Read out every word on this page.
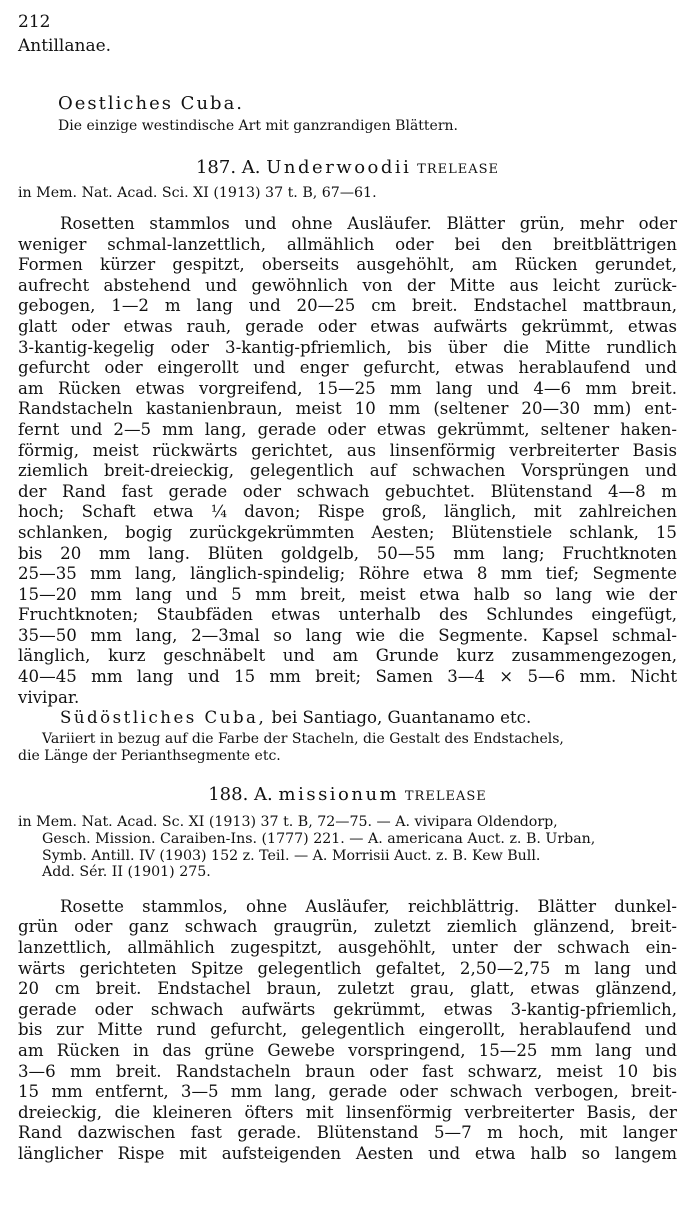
212
Antillanae.
Oestliches Cuba.
Die einzige westindische Art mit ganzrandigen Blättern.
187. A. Underwoodii TRELEASE
in Mem. Nat. Acad. Sci. XI (1913) 37 t. B, 67—61.
Rosetten stammlos und ohne Ausläufer. Blätter grün, mehr oder
weniger schmal-lanzettlich, allmählich oder bei den breitblättrigen
Formen kürzer gespitzt, oberseits ausgehöhlt, am Rücken gerundet,
aufrecht abstehend und gewöhnlich von der Mitte aus leicht zurück-
gebogen, 1—2 m lang und 20—25 cm breit. Endstachel mattbraun,
glatt oder etwas rauh, gerade oder etwas aufwärts gekrümmt, etwas
3-kantig-kegelig oder 3-kantig-pfriemlich, bis über die Mitte rundlich
gefurcht oder eingerollt und enger gefurcht, etwas herablaufend und
am Rücken etwas vorgreifend, 15—25 mm lang und 4—6 mm breit.
Randstacheln kastanienbraun, meist 10 mm (seltener 20—30 mm) ent-
fernt und 2—5 mm lang, gerade oder etwas gekrümmt, seltener haken-
förmig, meist rückwärts gerichtet, aus linsenförmig verbreiterter Basis
ziemlich breit-dreieckig, gelegentlich auf schwachen Vorsprüngen und
der Rand fast gerade oder schwach gebuchtet. Blütenstand 4—8 m
hoch; Schaft etwa ¼ davon; Rispe groß, länglich, mit zahlreichen
schlanken, bogig zurückgekrümmten Aesten; Blütenstiele schlank, 15
bis 20 mm lang. Blüten goldgelb, 50—55 mm lang; Fruchtknoten
25—35 mm lang, länglich-spindelig; Röhre etwa 8 mm tief; Segmente
15—20 mm lang und 5 mm breit, meist etwa halb so lang wie der
Fruchtknoten; Staubfäden etwas unterhalb des Schlundes eingefügt,
35—50 mm lang, 2—3mal so lang wie die Segmente. Kapsel schmal-
länglich, kurz geschnäbelt und am Grunde kurz zusammengezogen,
40—45 mm lang und 15 mm breit; Samen 3—4 × 5—6 mm. Nicht
vivipar.
Südöstliches Cuba, bei Santiago, Guantanamo etc.
Variiert in bezug auf die Farbe der Stacheln, die Gestalt des Endstachels,
die Länge der Perianthsegmente etc.
188. A. missionum TRELEASE
in Mem. Nat. Acad. Sc. XI (1913) 37 t. B, 72—75. — A. vivipara Oldendorp,
Gesch. Mission. Caraiben-Ins. (1777) 221. — A. americana Auct. z. B. Urban,
Symb. Antill. IV (1903) 152 z. Teil. — A. Morrisii Auct. z. B. Kew Bull.
Add. Sér. II (1901) 275.
Rosette stammlos, ohne Ausläufer, reichblättrig. Blätter dunkel-
grün oder ganz schwach graugrün, zuletzt ziemlich glänzend, breit-
lanzettlich, allmählich zugespitzt, ausgehöhlt, unter der schwach ein-
wärts gerichteten Spitze gelegentlich gefaltet, 2,50—2,75 m lang und
20 cm breit. Endstachel braun, zuletzt grau, glatt, etwas glänzend,
gerade oder schwach aufwärts gekrümmt, etwas 3-kantig-pfriemlich,
bis zur Mitte rund gefurcht, gelegentlich eingerollt, herablaufend und
am Rücken in das grüne Gewebe vorspringend, 15—25 mm lang und
3—6 mm breit. Randstacheln braun oder fast schwarz, meist 10 bis
15 mm entfernt, 3—5 mm lang, gerade oder schwach verbogen, breit-
dreieckig, die kleineren öfters mit linsenförmig verbreiterter Basis, der
Rand dazwischen fast gerade. Blütenstand 5—7 m hoch, mit langer
länglicher Rispe mit aufsteigenden Aesten und etwa halb so langem
